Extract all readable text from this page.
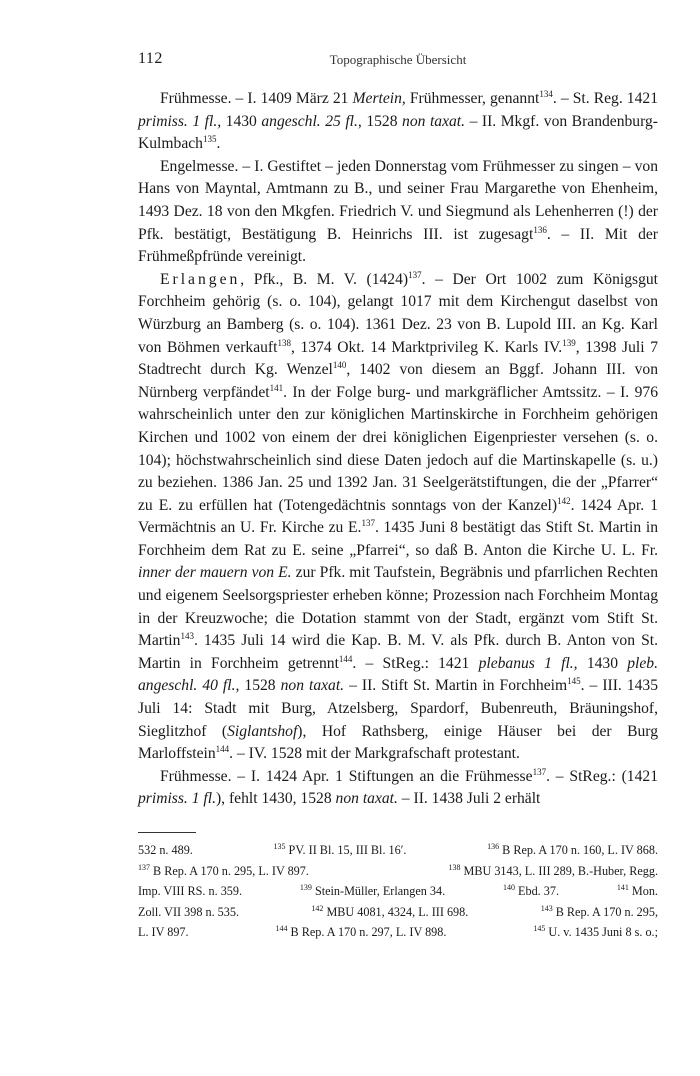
112	Topographische Übersicht

Frühmesse. – I. 1409 März 21 Mertein, Frühmesser, genannt$^{134}$. – St. Reg. 1421 primiss. 1 fl., 1430 angeschl. 25 fl., 1528 non taxat. – II. Mkgf. von Brandenburg-Kulmbach$^{135}$.

Engelmesse. – I. Gestiftet – jeden Donnerstag vom Frühmesser zu singen – von Hans von Mayntal, Amtmann zu B., und seiner Frau Margarethe von Ehenheim, 1493 Dez. 18 von den Mkgfen. Friedrich V. und Siegmund als Lehenherren (!) der Pfk. bestätigt, Bestätigung B. Heinrichs III. ist zugesagt$^{136}$. – II. Mit der Frühmeßpfründe vereinigt.

Erlangen, Pfk., B. M. V. $(1424)^{137}$. – Der Ort 1002 zum Königsgut Forchheim gehörig (s. o. 104), gelangt 1017 mit dem Kirchengut daselbst von Würzburg an Bamberg (s. o. 104). 1361 Dez. 23 von B. Lupold III. an Kg. Karl von Böhmen verkauft$^{138}$, 1374 Okt. 14 Marktprivileg K. Karls IV.$^{139}$, 1398 Juli 7 Stadtrecht durch Kg. Wenzel$^{140}$, 1402 von diesem an Bggf. Johann III. von Nürnberg verpfändet$^{141}$. In der Folge burg- und markgräflicher Amtssitz. – I. 976 wahrscheinlich unter den zur königlichen Martinskirche in Forchheim gehörigen Kirchen und 1002 von einem der drei königlichen Eigenpriester versehen (s. o. 104); höchstwahrscheinlich sind diese Daten jedoch auf die Martinskapelle (s. u.) zu beziehen. 1386 Jan. 25 und 1392 Jan. 31 Seelgerätstiftungen, die der „Pfarrer“ zu E. zu erfüllen hat (Totengedächtnis sonntags von der Kanzel)$^{142}$. 1424 Apr. 1 Vermächtnis an U. Fr. Kirche zu E.$^{137}$. 1435 Juni 8 bestätigt das Stift St. Martin in Forchheim dem Rat zu E. seine „Pfarrei“, so daß B. Anton die Kirche U. L. Fr. inner der mauern von E. zur Pfk. mit Taufstein, Begräbnis und pfarrlichen Rechten und eigenem Seelsorgspriester erheben könne; Prozession nach Forchheim Montag in der Kreuzwoche; die Dotation stammt von der Stadt, ergänzt vom Stift St. Martin$^{143}$. 1435 Juli 14 wird die Kap. B. M. V. als Pfk. durch B. Anton von St. Martin in Forchheim getrennt$^{144}$. – StReg.: 1421 plebanus 1 fl., 1430 pleb. angeschl. 40 fl., 1528 non taxat. – II. Stift St. Martin in Forchheim$^{145}$. – III. 1435 Juli 14: Stadt mit Burg, Atzelsberg, Spardorf, Bubenreuth, Bräuningshof, Sieglitzhof (Siglantshof), Hof Rathsberg, einige Häuser bei der Burg Marloffstein$^{144}$. – IV. 1528 mit der Markgrafschaft protestant.

Frühmesse. – I. 1424 Apr. 1 Stiftungen an die Frühmesse$^{137}$. – StReg.: (1421 primiss. 1 fl.), fehlt 1430, 1528 non taxat. – II. 1438 Juli 2 erhält

532 n. 489.	$^{135}$ PV. II Bl. 15, III Bl. 16′.	$^{136}$ B Rep. A 170 n. 160, L. IV 868.
$^{137}$ B Rep. A 170 n. 295, L. IV 897.	$^{138}$ MBU 3143, L. III 289, B.-Huber, Regg.
Imp. VIII RS. n. 359.	$^{139}$ Stein-Müller, Erlangen 34.	$^{140}$ Ebd. 37.	$^{141}$ Mon.
Zoll. VII 398 n. 535.	$^{142}$ MBU 4081, 4324, L. III 698.	$^{143}$ B Rep. A 170 n. 295,
L. IV 897.	$^{144}$ B Rep. A 170 n. 297, L. IV 898.	$^{145}$ U. v. 1435 Juni 8 s. o.;
